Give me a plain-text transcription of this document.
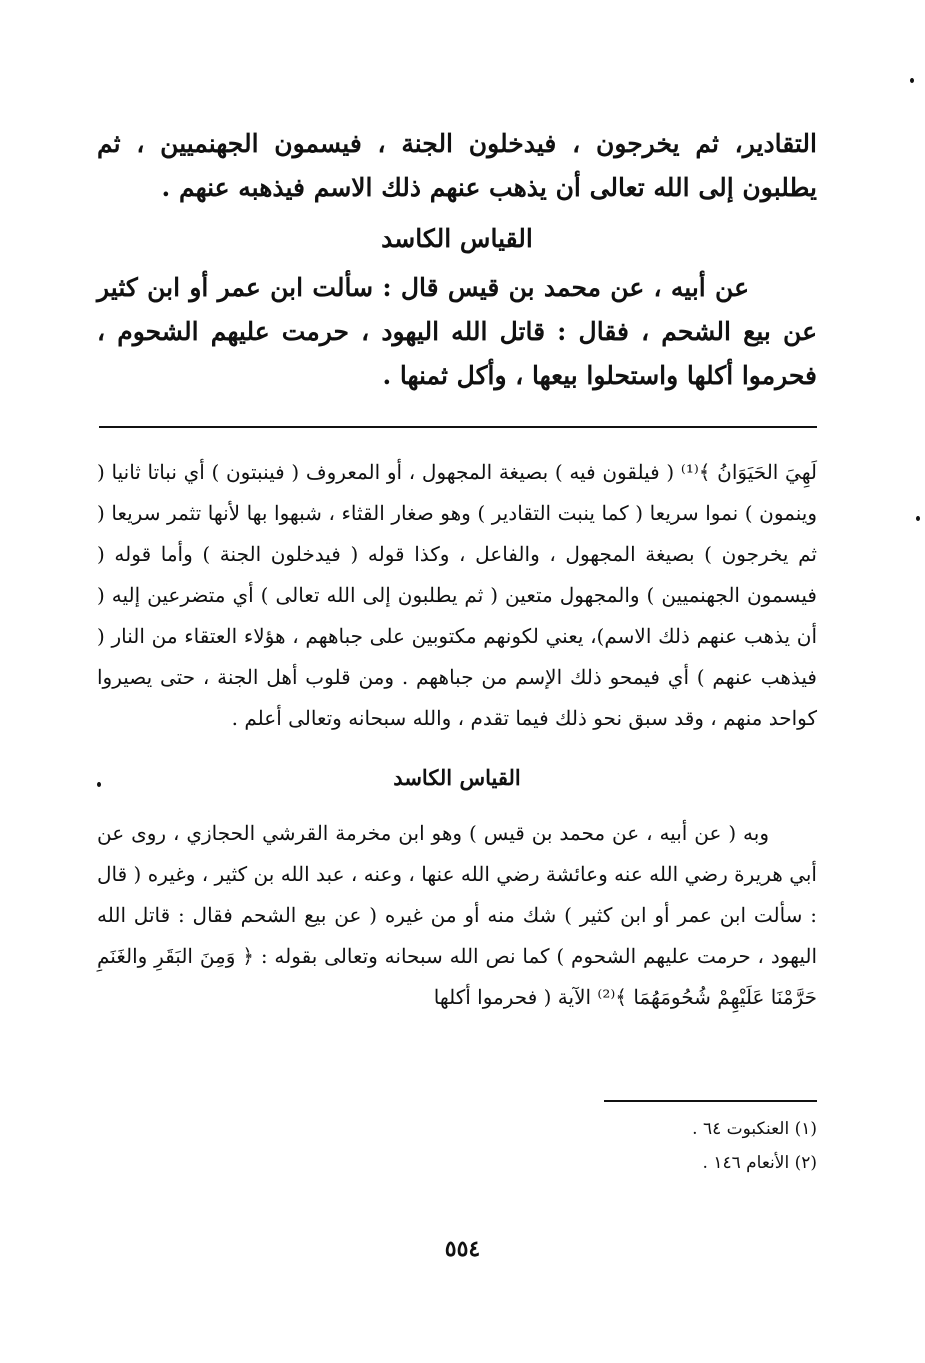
التقادير، ثم يخرجون ، فيدخلون الجنة ، فيسمون الجهنميين ، ثم يطلبون إلى الله تعالى أن يذهب عنهم ذلك الاسم فيذهبه عنهم .

القياس الكاسد

عن أبيه ، عن محمد بن قيس قال : سألت ابن عمر أو ابن كثير عن بيع الشحم ، فقال : قاتل الله اليهود ، حرمت عليهم الشحوم ، فحرموا أكلها واستحلوا بيعها ، وأكل ثمنها .

لَهِيَ الحَيَوَانُ ﴾⁽¹⁾ ( فيلقون فيه ) بصيغة المجهول ، أو المعروف ( فينبتون ) أي نباتا ثانيا ( وينمون ) نموا سريعا ( كما ينبت التقادير ) وهو صغار القثاء ، شبهوا بها لأنها تثمر سريعا ( ثم يخرجون ) بصيغة المجهول ، والفاعل ، وكذا قوله ( فيدخلون الجنة ) وأما قوله ( فيسمون الجهنميين ) والمجهول متعين ( ثم يطلبون إلى الله تعالى ) أي متضرعين إليه ( أن يذهب عنهم ذلك الاسم)، يعني لكونهم مكتوبين على جباههم ، هؤلاء العتقاء من النار ( فيذهب عنهم ) أي فيمحو ذلك الإسم من جباههم . ومن قلوب أهل الجنة ، حتى يصيروا كواحد منهم ، وقد سبق نحو ذلك فيما تقدم ، والله سبحانه وتعالى أعلم .

القياس الكاسد

وبه ( عن أبيه ، عن محمد بن قيس ) وهو ابن مخرمة القرشي الحجازي ، روى عن أبي هريرة رضي الله عنه وعائشة رضي الله عنها ، وعنه ، عبد الله بن كثير ، وغيره ( قال : سألت ابن عمر أو ابن كثير ) شك منه أو من غيره ( عن بيع الشحم فقال : قاتل الله اليهود ، حرمت عليهم الشحوم ) كما نص الله سبحانه وتعالى بقوله : ﴿ وَمِنَ البَقَرِ والغَنَمِ حَرَّمْنَا عَلَيْهِمْ شُحُومَهُمَا ﴾⁽²⁾ الآية ( فحرموا أكلها

(١) العنكبوت ٦٤ .
(٢) الأنعام ١٤٦ .
٥٥٤
